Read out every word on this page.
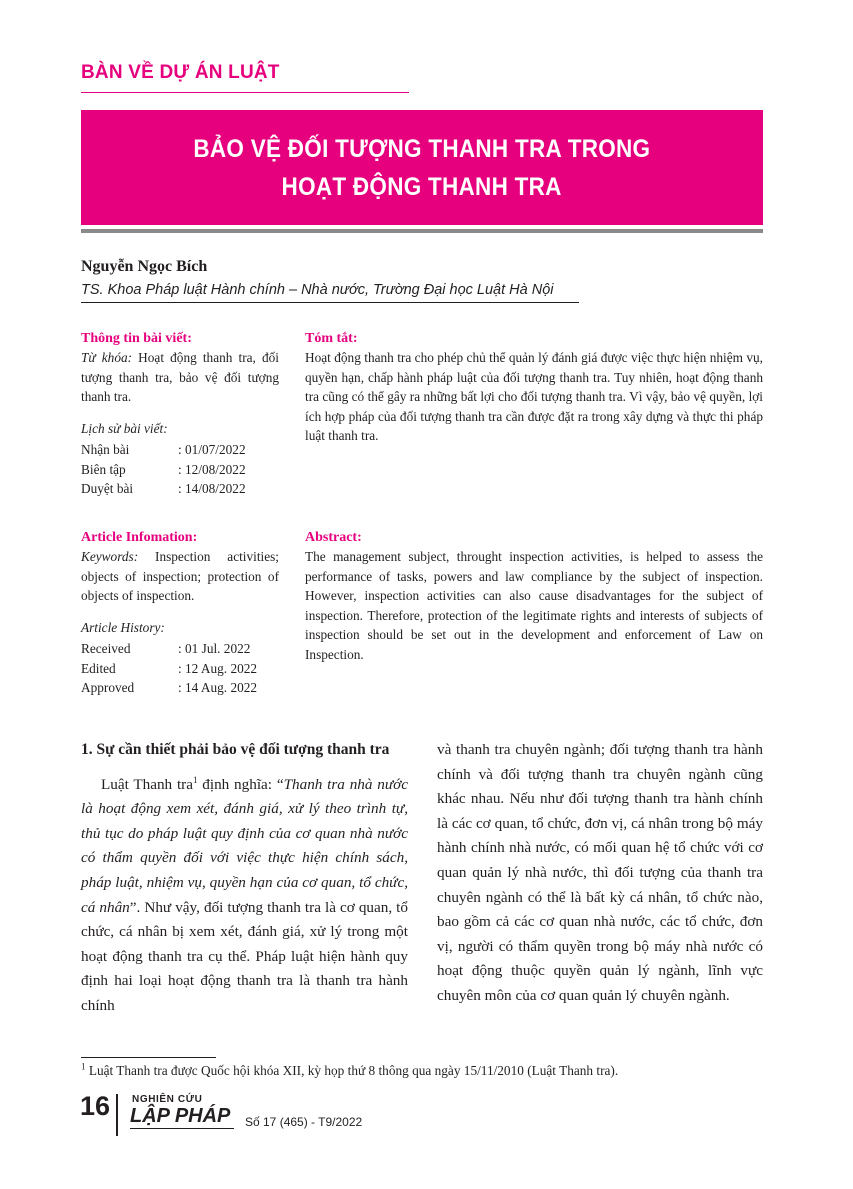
BÀN VỀ DỰ ÁN LUẬT
BẢO VỆ ĐỐI TƯỢNG THANH TRA TRONG
HOẠT ĐỘNG THANH TRA
Nguyễn Ngọc Bích
TS. Khoa Pháp luật Hành chính – Nhà nước, Trường Đại học Luật Hà Nội
Thông tin bài viết:
Từ khóa: Hoạt động thanh tra, đối tượng thanh tra, bảo vệ đối tượng thanh tra.
Lịch sử bài viết:
Nhận bài	: 01/07/2022
Biên tập	: 12/08/2022
Duyệt bài	: 14/08/2022
Tóm tắt:
Hoạt động thanh tra cho phép chủ thể quản lý đánh giá được việc thực hiện nhiệm vụ, quyền hạn, chấp hành pháp luật của đối tượng thanh tra. Tuy nhiên, hoạt động thanh tra cũng có thể gây ra những bất lợi cho đối tượng thanh tra. Vì vậy, bảo vệ quyền, lợi ích hợp pháp của đối tượng thanh tra cần được đặt ra trong xây dựng và thực thi pháp luật thanh tra.
Article Infomation:
Keywords: Inspection activities; objects of inspection; protection of objects of inspection.
Article History:
Received	: 01 Jul. 2022
Edited	: 12 Aug. 2022
Approved	: 14 Aug. 2022
Abstract:
The management subject, throught inspection activities, is helped to assess the performance of tasks, powers and law compliance by the subject of inspection. However, inspection activities can also cause disadvantages for the subject of inspection. Therefore, protection of the legitimate rights and interests of subjects of inspection should be set out in the development and enforcement of Law on Inspection.
1. Sự cần thiết phải bảo vệ đối tượng thanh tra
Luật Thanh tra$^1$ định nghĩa: “Thanh tra nhà nước là hoạt động xem xét, đánh giá, xử lý theo trình tự, thủ tục do pháp luật quy định của cơ quan nhà nước có thẩm quyền đối với việc thực hiện chính sách, pháp luật, nhiệm vụ, quyền hạn của cơ quan, tổ chức, cá nhân”. Như vậy, đối tượng thanh tra là cơ quan, tổ chức, cá nhân bị xem xét, đánh giá, xử lý trong một hoạt động thanh tra cụ thể. Pháp luật hiện hành quy định hai loại hoạt động thanh tra là thanh tra hành chính
và thanh tra chuyên ngành; đối tượng thanh tra hành chính và đối tượng thanh tra chuyên ngành cũng khác nhau. Nếu như đối tượng thanh tra hành chính là các cơ quan, tổ chức, đơn vị, cá nhân trong bộ máy hành chính nhà nước, có mối quan hệ tổ chức với cơ quan quản lý nhà nước, thì đối tượng của thanh tra chuyên ngành có thể là bất kỳ cá nhân, tổ chức nào, bao gồm cả các cơ quan nhà nước, các tổ chức, đơn vị, người có thẩm quyền trong bộ máy nhà nước có hoạt động thuộc quyền quản lý ngành, lĩnh vực chuyên môn của cơ quan quản lý chuyên ngành.
$^1$ Luật Thanh tra được Quốc hội khóa XII, kỳ họp thứ 8 thông qua ngày 15/11/2010 (Luật Thanh tra).
16 NGHIÊN CỨU
LẬP PHÁP Số 17 (465) - T9/2022
